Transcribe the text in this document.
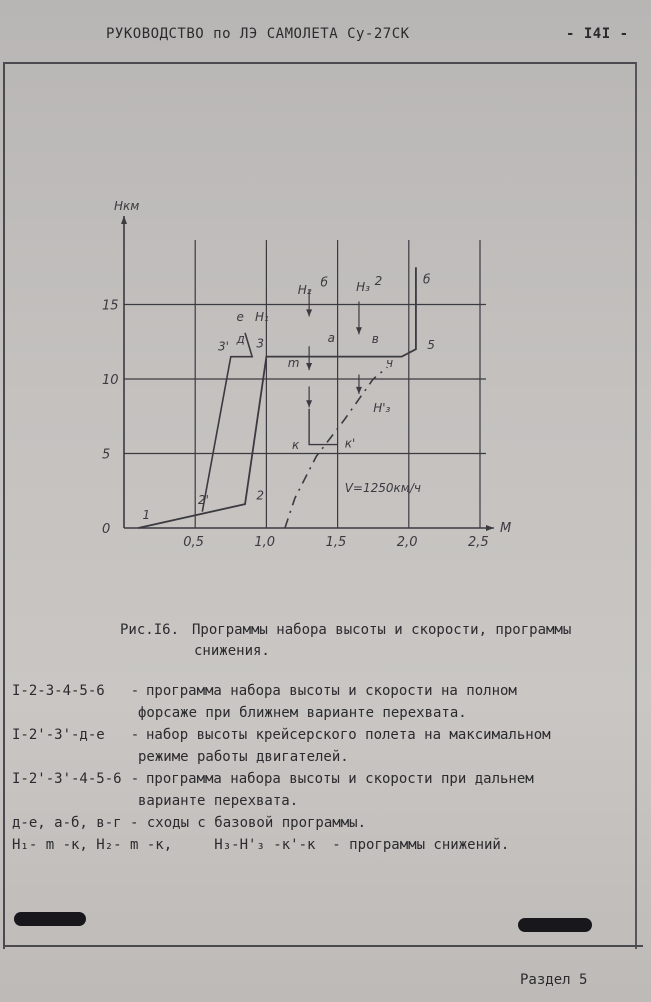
РУКОВОДСТВО по ЛЭ САМОЛЕТА Су-27СК	- I4I -
0,5	1,0	1,5	2,0	2,5
0
5
10
15
Hкм
M
1
2'	2
3'
д
е H₁
3
m
H₂
б
а
H₃ 2
в
б
5
ч
H'₃
к	к'
V=1250км/ч
Рис.I6. Программы набора высоты и скорости, программы
снижения.
I-2-3-4-5-6	- программа набора высоты и скорости на полном
форсаже при ближнем варианте перехвата.
I-2'-3'-д-е	- набор высоты крейсерского полета на максимальном
режиме работы двигателей.
I-2'-3'-4-5-6 - программа набора высоты и скорости при дальнем
варианте перехвата.
д-е, а-б, в-г - сходы с базовой программы.
H₁- m -к, H₂- m -к,     H₃-H'₃ -к'-к  - программы снижений.
Раздел 5
